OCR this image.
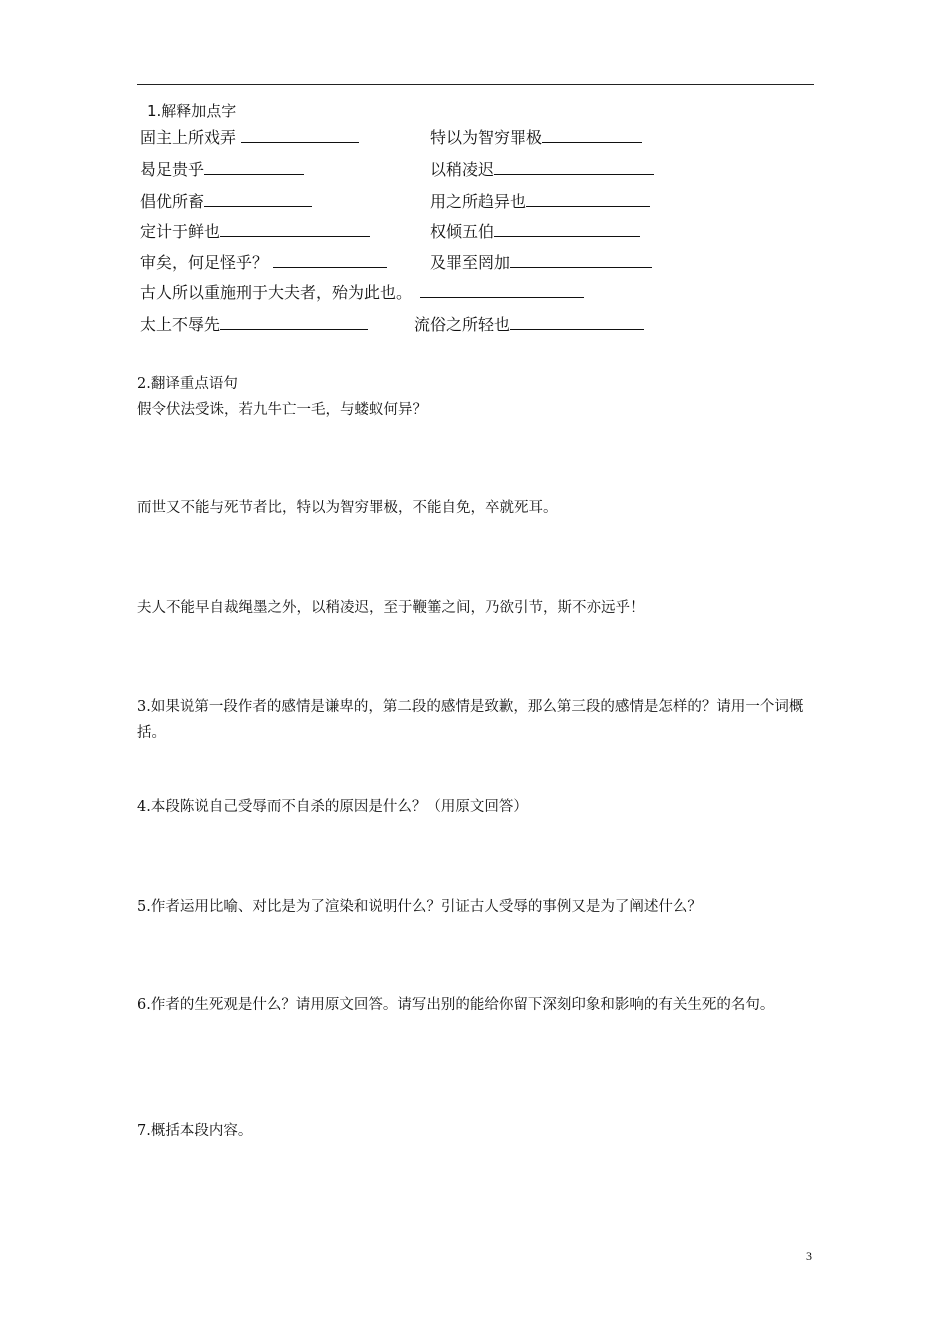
1.解释加点字
固主上所戏弄	特以为智穷罪极
曷足贵乎	以稍凌迟
倡优所畜	用之所趋异也
定计于鲜也	权倾五伯
审矣，何足怪乎？	及罪至罔加
古人所以重施刑于大夫者，殆为此也。
太上不辱先	流俗之所轻也
2.翻译重点语句
假令伏法受诛，若九牛亡一毛，与蝼蚁何异？
而世又不能与死节者比，特以为智穷罪极，不能自免，卒就死耳。
夫人不能早自裁绳墨之外，以稍凌迟，至于鞭箠之间，乃欲引节，斯不亦远乎！
3.如果说第一段作者的感情是谦卑的，第二段的感情是致歉，那么第三段的感情是怎样的？请用一个词概括。
4.本段陈说自己受辱而不自杀的原因是什么？（用原文回答）
5.作者运用比喻、对比是为了渲染和说明什么？引证古人受辱的事例又是为了阐述什么？
6.作者的生死观是什么？请用原文回答。请写出别的能给你留下深刻印象和影响的有关生死的名句。
7.概括本段内容。
3
